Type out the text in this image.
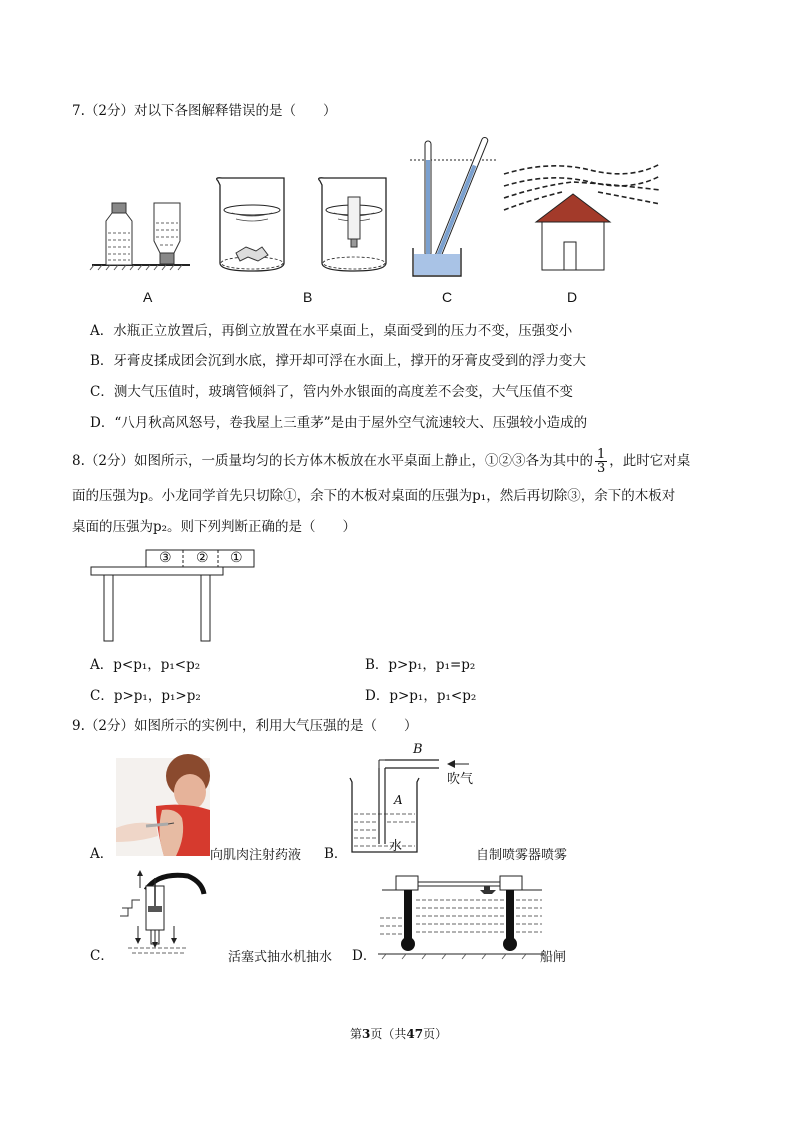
7.（2分）对以下各图解释错误的是（　　）
A	B	C	D
A．水瓶正立放置后，再倒立放置在水平桌面上，桌面受到的压力不变，压强变小
B．牙膏皮揉成团会沉到水底，撑开却可浮在水面上，撑开的牙膏皮受到的浮力变大
C．测大气压值时，玻璃管倾斜了，管内外水银面的高度差不会变，大气压值不变
D．“八月秋高风怒号，卷我屋上三重茅”是由于屋外空气流速较大、压强较小造成的
8.（2分）如图所示，一质量均匀的长方体木板放在水平桌面上静止，①②③各为其中的 $\frac{1}{3}$ ，此时它对桌
面的压强为p。小龙同学首先只切除①，余下的木板对桌面的压强为p₁，然后再切除③，余下的木板对
桌面的压强为p₂。则下列判断正确的是（　　）
③ ② ①
A．p<p₁，p₁<p₂	B．p>p₁，p₁=p₂
C．p>p₁，p₁>p₂	D．p>p₁，p₁<p₂
9.（2分）如图所示的实例中，利用大气压强的是（　　）
A．	向肌肉注射药液
B
吹气
A
水
B．	自制喷雾器喷雾
C．	活塞式抽水机抽水 D．	船闸
第3页（共47页）
